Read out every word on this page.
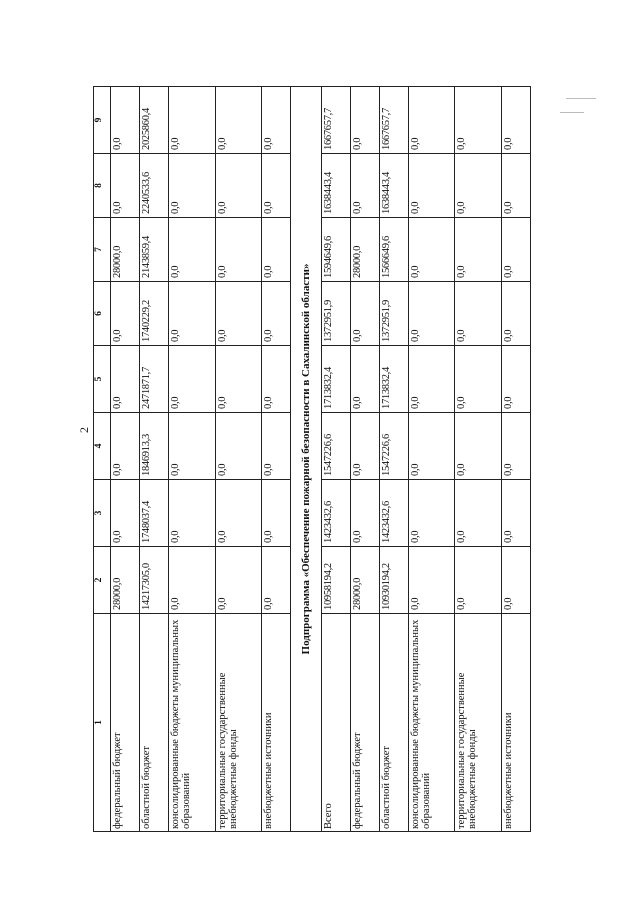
2
1	2	3	4	5	6	7	8	9
федеральный бюджет	28000,0	0,0	0,0	0,0	0,0	28000,0	0,0	0,0
областной бюджет	14217305,0	1748037,4	1846913,3	2471871,7	1740229,2	2143859,4	2240533,6	2025860,4
консолидированные бюджеты муниципальных образований	0,0	0,0	0,0	0,0	0,0	0,0	0,0	0,0
территориальные государственные внебюджетные фонды	0,0	0,0	0,0	0,0	0,0	0,0	0,0	0,0
внебюджетные источники	0,0	0,0	0,0	0,0	0,0	0,0	0,0	0,0
Подпрограмма «Обеспечение пожарной безопасности в Сахалинской области»								
Всего	10958194,2	1423432,6	1547226,6	1713832,4	1372951,9	1594649,6	1638443,4	1667657,7
федеральный бюджет	28000,0	0,0	0,0	0,0	0,0	28000,0	0,0	0,0
областной бюджет	10930194,2	1423432,6	1547226,6	1713832,4	1372951,9	1566649,6	1638443,4	1667657,7
консолидированные бюджеты муниципальных образований	0,0	0,0	0,0	0,0	0,0	0,0	0,0	0,0
территориальные государственные внебюджетные фонды	0,0	0,0	0,0	0,0	0,0	0,0	0,0	0,0
внебюджетные источники	0,0	0,0	0,0	0,0	0,0	0,0	0,0	0,0
